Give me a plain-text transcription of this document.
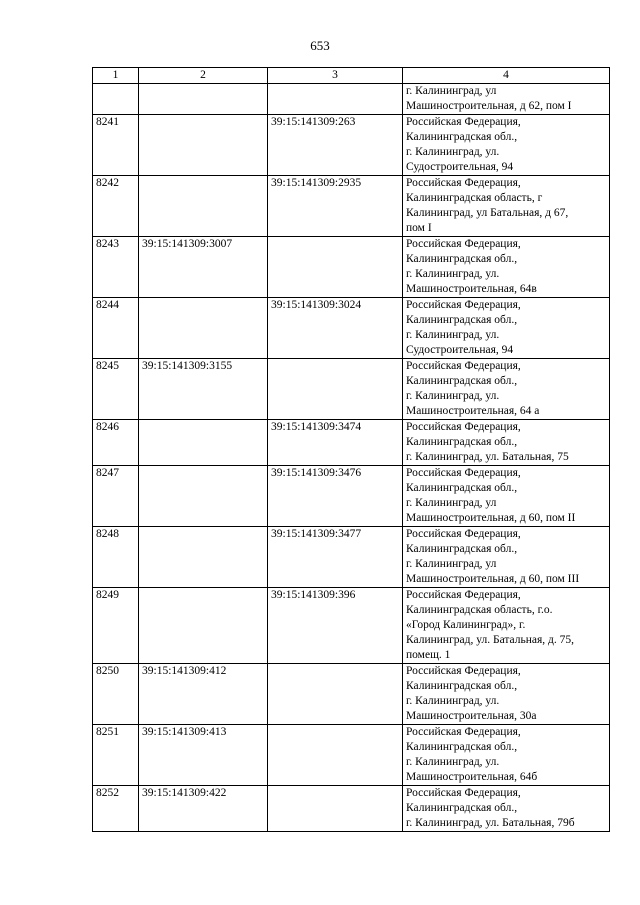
653
1	2	3	4
			г. Калининград, ул
Машиностроительная, д 62, пом I
8241		39:15:141309:263	Российская Федерация,
Калининградская обл.,
г. Калининград, ул.
Судостроительная, 94
8242		39:15:141309:2935	Российская Федерация,
Калининградская область, г
Калининград, ул Батальная, д 67,
пом I
8243	39:15:141309:3007		Российская Федерация,
Калининградская обл.,
г. Калининград, ул.
Машиностроительная, 64в
8244		39:15:141309:3024	Российская Федерация,
Калининградская обл.,
г. Калининград, ул.
Судостроительная, 94
8245	39:15:141309:3155		Российская Федерация,
Калининградская обл.,
г. Калининград, ул.
Машиностроительная, 64 а
8246		39:15:141309:3474	Российская Федерация,
Калининградская обл.,
г. Калининград, ул. Батальная, 75
8247		39:15:141309:3476	Российская Федерация,
Калининградская обл.,
г. Калининград, ул
Машиностроительная, д 60, пом II
8248		39:15:141309:3477	Российская Федерация,
Калининградская обл.,
г. Калининград, ул
Машиностроительная, д 60, пом III
8249		39:15:141309:396	Российская Федерация,
Калининградская область, г.о.
«Город Калининград», г.
Калининград, ул. Батальная, д. 75,
помещ. 1
8250	39:15:141309:412		Российская Федерация,
Калининградская обл.,
г. Калининград, ул.
Машиностроительная, 30а
8251	39:15:141309:413		Российская Федерация,
Калининградская обл.,
г. Калининград, ул.
Машиностроительная, 64б
8252	39:15:141309:422		Российская Федерация,
Калининградская обл.,
г. Калининград, ул. Батальная, 79б
